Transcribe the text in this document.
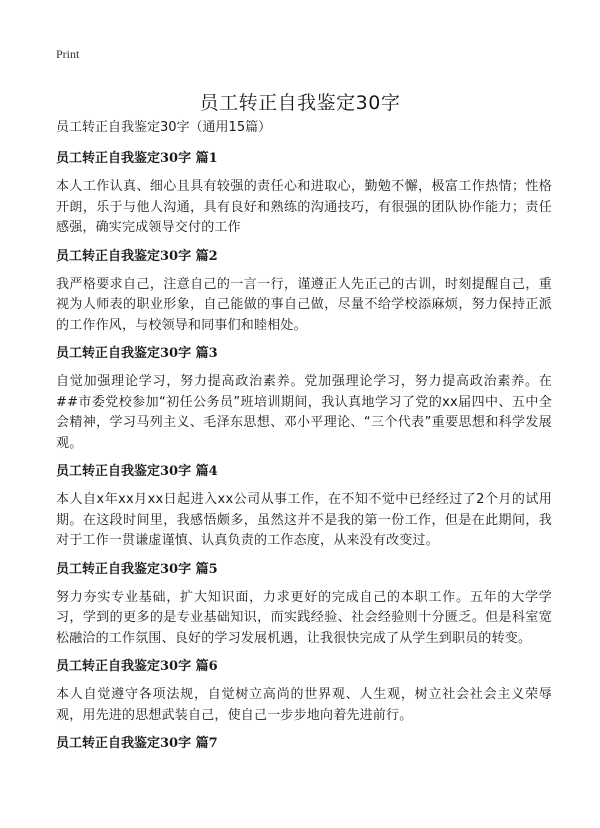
Print
员工转正自我鉴定30字

员工转正自我鉴定30字（通用15篇）

员工转正自我鉴定30字 篇1

本人工作认真、细心且具有较强的责任心和进取心，勤勉不懈，极富工作热情；性格开朗，乐于与他人沟通，具有良好和熟练的沟通技巧，有很强的团队协作能力；责任感强，确实完成领导交付的工作

员工转正自我鉴定30字 篇2

我严格要求自己，注意自己的一言一行，谨遵正人先正己的古训，时刻提醒自己，重视为人师表的职业形象，自己能做的事自己做，尽量不给学校添麻烦，努力保持正派的工作作风，与校领导和同事们和睦相处。

员工转正自我鉴定30字 篇3

自觉加强理论学习，努力提高政治素养。党加强理论学习，努力提高政治素养。在##市委党校参加“初任公务员”班培训期间，我认真地学习了党的xx届四中、五中全会精神，学习马列主义、毛泽东思想、邓小平理论、“三个代表”重要思想和科学发展观。

员工转正自我鉴定30字 篇4

本人自x年xx月xx日起进入xx公司从事工作，在不知不觉中已经经过了2个月的试用期。在这段时间里，我感悟颇多，虽然这并不是我的第一份工作，但是在此期间，我对于工作一贯谦虚谨慎、认真负责的工作态度，从来没有改变过。

员工转正自我鉴定30字 篇5

努力夯实专业基础，扩大知识面，力求更好的完成自己的本职工作。五年的大学学习，学到的更多的是专业基础知识，而实践经验、社会经验则十分匮乏。但是科室宽松融洽的工作氛围、良好的学习发展机遇，让我很快完成了从学生到职员的转变。

员工转正自我鉴定30字 篇6

本人自觉遵守各项法规，自觉树立高尚的世界观、人生观，树立社会社会主义荣辱观，用先进的思想武装自己，使自己一步步地向着先进前行。

员工转正自我鉴定30字 篇7
